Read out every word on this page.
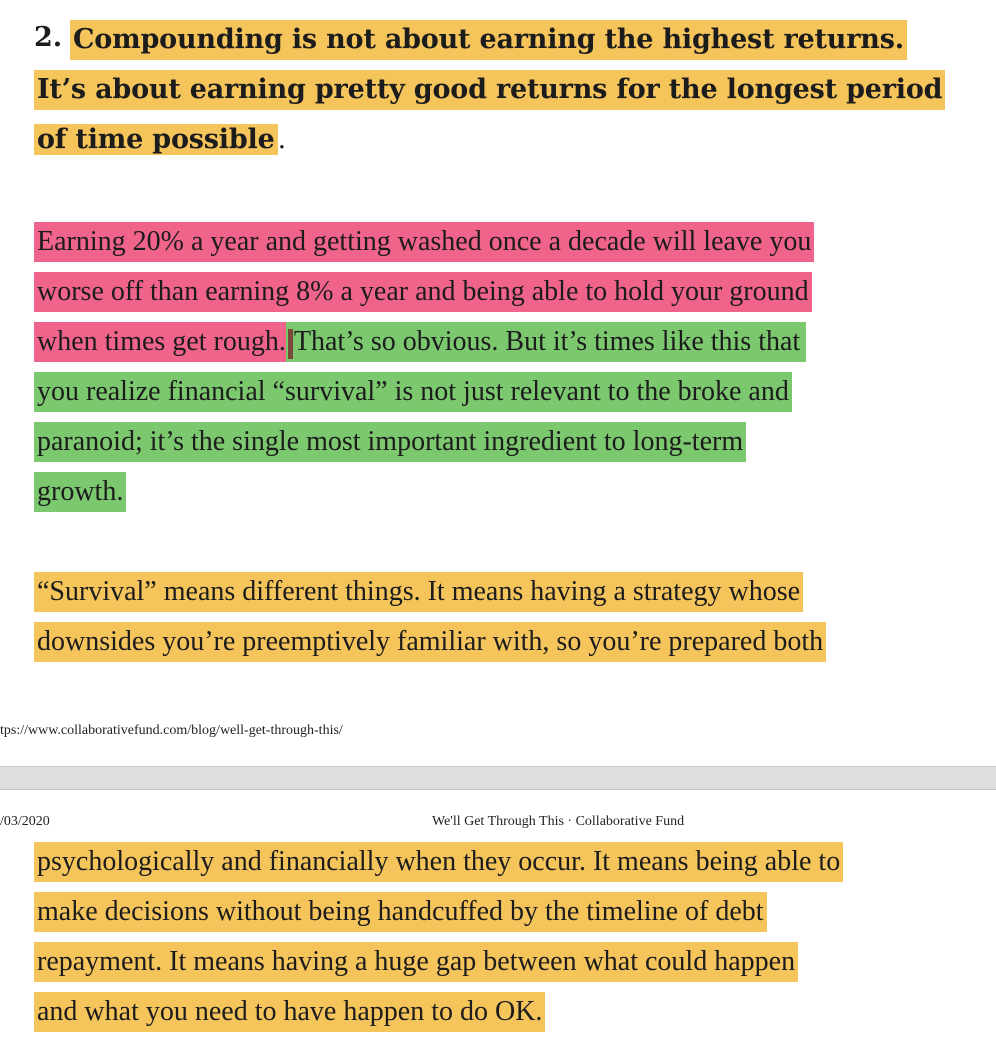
2. Compounding is not about earning the highest returns.
It’s about earning pretty good returns for the longest period
of time possible .
Earning 20% a year and getting washed once a decade will leave you
worse off than earning 8% a year and being able to hold your ground
when times get rough.That’s so obvious. But it’s times like this that
you realize financial “survival” is not just relevant to the broke and
paranoid; it’s the single most important ingredient to long-term
growth.
“Survival” means different things. It means having a strategy whose
downsides you’re preemptively familiar with, so you’re prepared both
tps://www.collaborativefund.com/blog/well-get-through-this/
/03/2020	We'll Get Through This · Collaborative Fund
psychologically and financially when they occur. It means being able to
make decisions without being handcuffed by the timeline of debt
repayment. It means having a huge gap between what could happen
and what you need to have happen to do OK.
